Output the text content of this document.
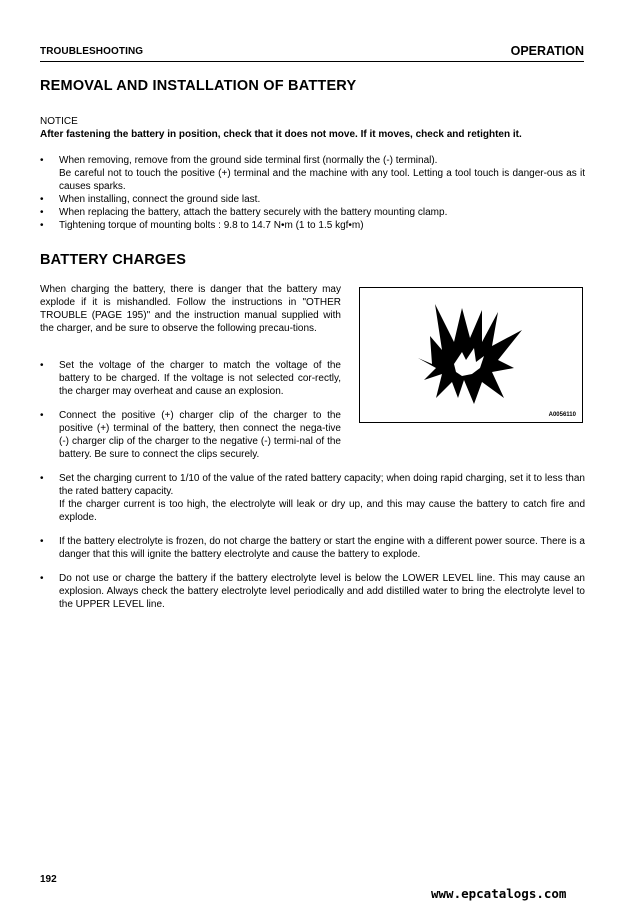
TROUBLESHOOTING	OPERATION
REMOVAL AND INSTALLATION OF BATTERY
NOTICE
After fastening the battery in position, check that it does not move. If it moves, check and retighten it.
• When removing, remove from the ground side terminal first (normally the (-) terminal).
Be careful not to touch the positive (+) terminal and the machine with any tool. Letting a tool touch is danger-ous as it causes sparks.
• When installing, connect the ground side last.
• When replacing the battery, attach the battery securely with the battery mounting clamp.
• Tightening torque of mounting bolts : 9.8 to 14.7 N•m (1 to 1.5 kgf•m)
BATTERY CHARGES
When charging the battery, there is danger that the battery may explode if it is mishandled. Follow the instructions in "OTHER TROUBLE (PAGE 195)" and the instruction manual supplied with the charger, and be sure to observe the following precau-tions.
• Set the voltage of the charger to match the voltage of the battery to be charged. If the voltage is not selected cor-rectly, the charger may overheat and cause an explosion.
• Connect the positive (+) charger clip of the charger to the positive (+) terminal of the battery, then connect the nega-tive (-) charger clip of the charger to the negative (-) termi-nal of the battery. Be sure to connect the clips securely.
A0056110
• Set the charging current to 1/10 of the value of the rated battery capacity; when doing rapid charging, set it to less than the rated battery capacity.
If the charger current is too high, the electrolyte will leak or dry up, and this may cause the battery to catch fire and explode.
• If the battery electrolyte is frozen, do not charge the battery or start the engine with a different power source. There is a danger that this will ignite the battery electrolyte and cause the battery to explode.
• Do not use or charge the battery if the battery electrolyte level is below the LOWER LEVEL line. This may cause an explosion. Always check the battery electrolyte level periodically and add distilled water to bring the electrolyte level to the UPPER LEVEL line.
192
www.epcatalogs.com
